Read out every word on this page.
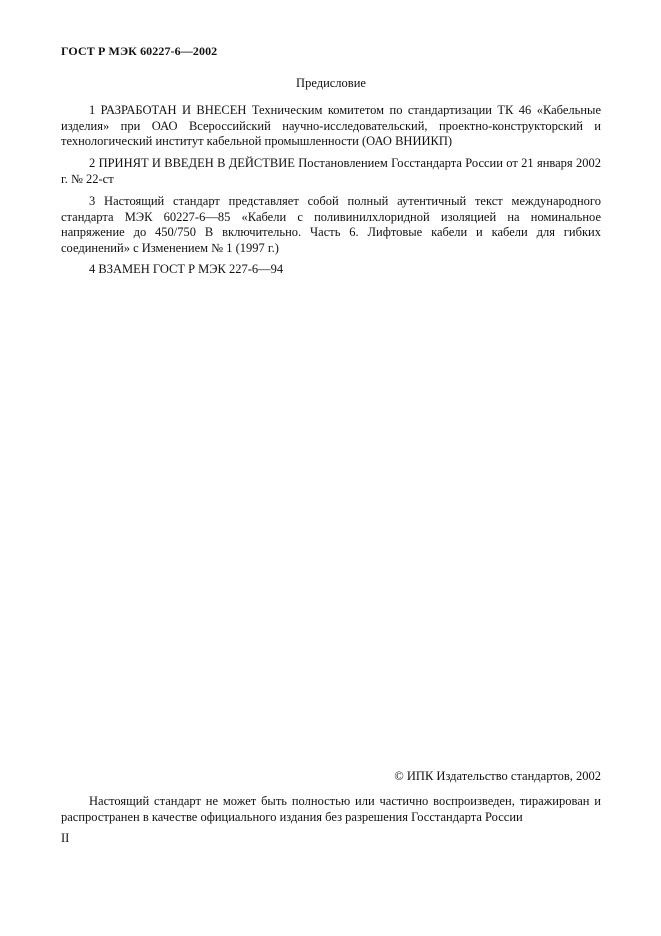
ГОСТ Р МЭК 60227-6—2002
Предисловие

1 РАЗРАБОТАН И ВНЕСЕН Техническим комитетом по стандартизации ТК 46 «Кабельные изделия» при ОАО Всероссийский научно-исследовательский, проектно-конструкторский и технологический институт кабельной промышленности (ОАО ВНИИКП)

2 ПРИНЯТ И ВВЕДЕН В ДЕЙСТВИЕ Постановлением Госстандарта России от 21 января 2002 г. № 22-ст

3 Настоящий стандарт представляет собой полный аутентичный текст международного стандарта МЭК 60227-6—85 «Кабели с поливинилхлоридной изоляцией на номинальное напряжение до 450/750 В включительно. Часть 6. Лифтовые кабели и кабели для гибких соединений» с Изменением № 1 (1997 г.)

4 ВЗАМЕН ГОСТ Р МЭК 227-6—94

© ИПК Издательство стандартов, 2002

Настоящий стандарт не может быть полностью или частично воспроизведен, тиражирован и распространен в качестве официального издания без разрешения Госстандарта России

II
